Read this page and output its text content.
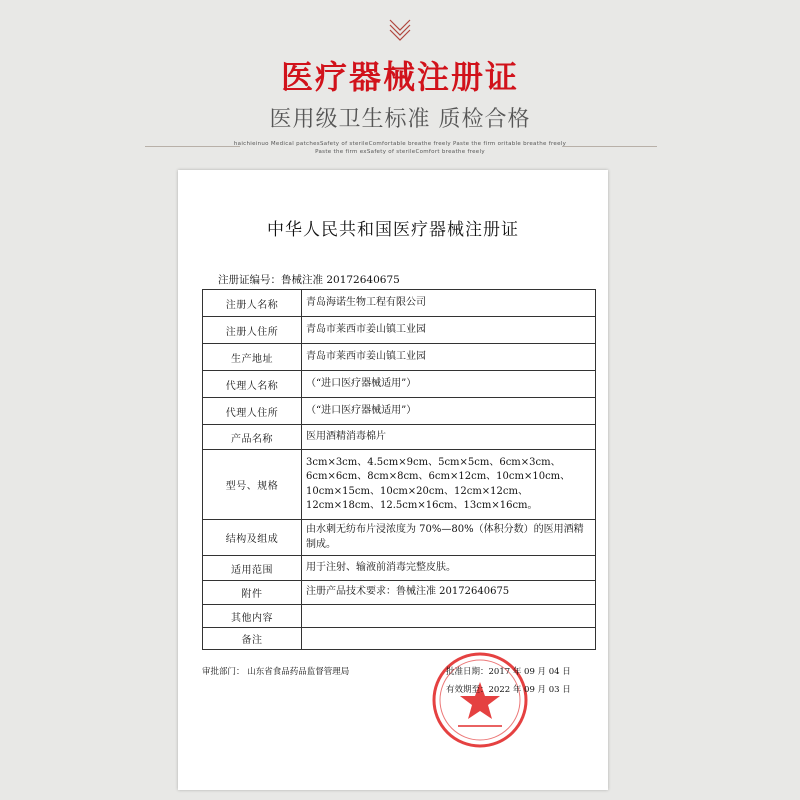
医疗器械注册证
医用级卫生标准 质检合格
haichieinuo Medical patchesSafety of sterileComfortable breathe freely Paste the firm oritable breathe freely
Paste the firm exSafety of sterileComfort breathe freely
中华人民共和国医疗器械注册证
注册证编号：鲁械注准 20172640675
注册人名称	青岛海诺生物工程有限公司
注册人住所	青岛市莱西市姜山镇工业园
生产地址	青岛市莱西市姜山镇工业园
代理人名称	（“进口医疗器械适用”）
代理人住所	（“进口医疗器械适用”）
产品名称	医用酒精消毒棉片
型号、规格	3cm×3cm、4.5cm×9cm、5cm×5cm、6cm×3cm、6cm×6cm、8cm×8cm、6cm×12cm、10cm×10cm、10cm×15cm、10cm×20cm、12cm×12cm、12cm×18cm、12.5cm×16cm、13cm×16cm。
结构及组成	由水刺无纺布片浸浓度为 70%—80%（体积分数）的医用酒精制成。
适用范围	用于注射、输液前消毒完整皮肤。
附件	注册产品技术要求：鲁械注准 20172640675
其他内容	
备注	
审批部门： 山东省食品药品监督管理局	批准日期：2017 年 09 月 04 日
有效期至：2022 年 09 月 03 日
